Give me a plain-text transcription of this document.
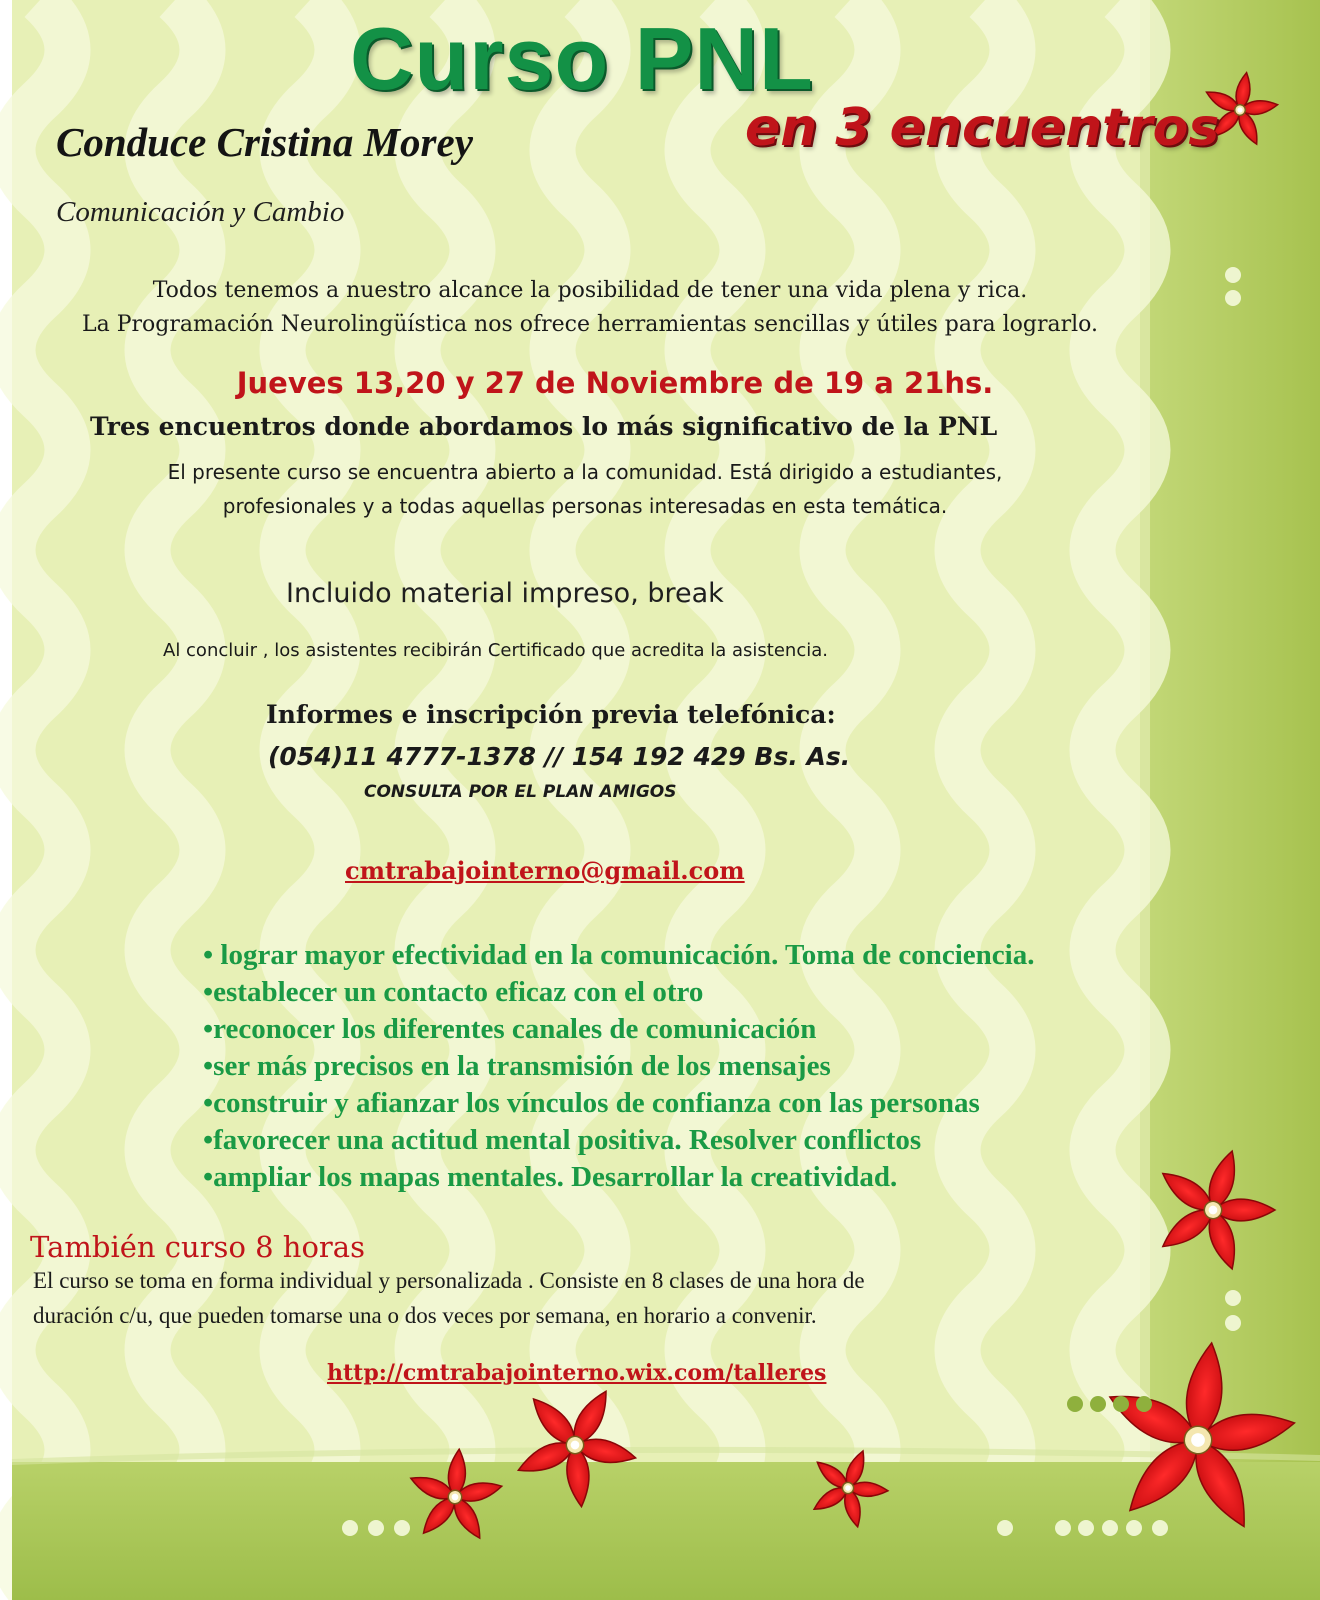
Curso PNL
en 3 encuentros
Conduce Cristina Morey
Comunicación y Cambio
Todos tenemos a nuestro alcance la posibilidad de tener una vida plena y rica.
La Programación Neurolingüística nos ofrece herramientas sencillas y útiles para lograrlo.
Jueves 13,20 y 27 de Noviembre de 19 a 21hs.
Tres encuentros donde abordamos lo más significativo de la PNL
El presente curso se encuentra abierto a la comunidad. Está dirigido a estudiantes,
profesionales y a todas aquellas personas interesadas en esta temática.
Incluido material impreso, break
Al concluir , los asistentes recibirán Certificado que acredita la asistencia.
Informes e inscripción previa telefónica:
(054)11 4777-1378 // 154 192 429 Bs. As.
CONSULTA POR EL PLAN AMIGOS
cmtrabajointerno@gmail.com
• lograr mayor efectividad en la comunicación. Toma de conciencia.
•establecer un contacto eficaz con el otro
•reconocer los diferentes canales de comunicación
•ser más precisos en la transmisión de los mensajes
•construir y afianzar los vínculos de confianza con las personas
•favorecer una actitud mental positiva. Resolver conflictos
•ampliar los mapas mentales. Desarrollar la creatividad.
También curso 8 horas
El curso se toma en forma individual y personalizada . Consiste en 8 clases de una hora de
duración c/u, que pueden tomarse una o dos veces por semana, en horario a convenir.
http://cmtrabajointerno.wix.com/talleres
